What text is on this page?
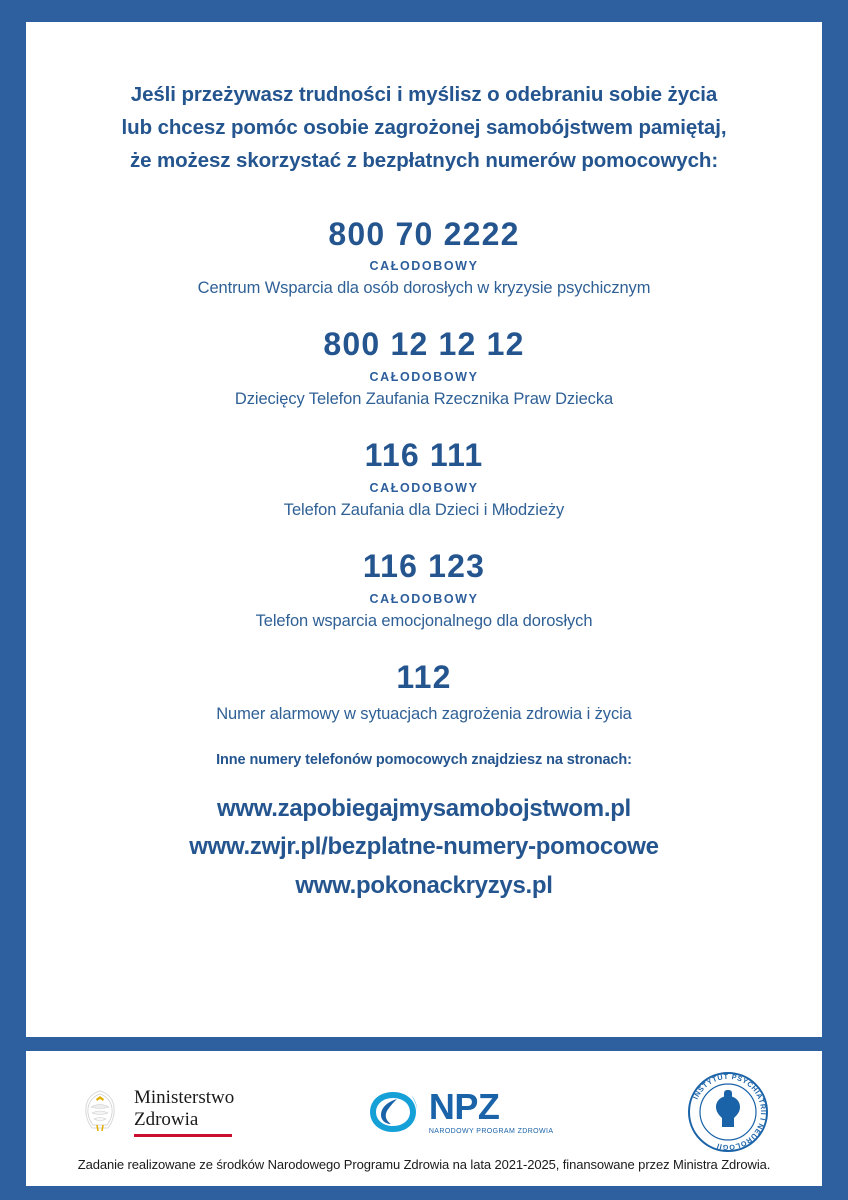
Jeśli przeżywasz trudności i myślisz o odebraniu sobie życia lub chcesz pomóc osobie zagrożonej samobójstwem pamiętaj, że możesz skorzystać z bezpłatnych numerów pomocowych:
800 70 2222
CAŁODOBOWY
Centrum Wsparcia dla osób dorosłych w kryzysie psychicznym
800 12 12 12
CAŁODOBOWY
Dziecięcy Telefon Zaufania Rzecznika Praw Dziecka
116 111
CAŁODOBOWY
Telefon Zaufania dla Dzieci i Młodzieży
116 123
CAŁODOBOWY
Telefon wsparcia emocjonalnego dla dorosłych
112
Numer alarmowy w sytuacjach zagrożenia zdrowia i życia
Inne numery telefonów pomocowych znajdziesz na stronach:
www.zapobiegajmysamobojstwom.pl
www.zwjr.pl/bezplatne-numery-pomocowe
www.pokonackryzys.pl
Ministerstwo
Zdrowia	NPZ
NARODOWY PROGRAM ZDROWIA
INSTYTUT PSYCHIATRII I NEUROLOGII
Zadanie realizowane ze środków Narodowego Programu Zdrowia na lata 2021-2025, finansowane przez Ministra Zdrowia.
